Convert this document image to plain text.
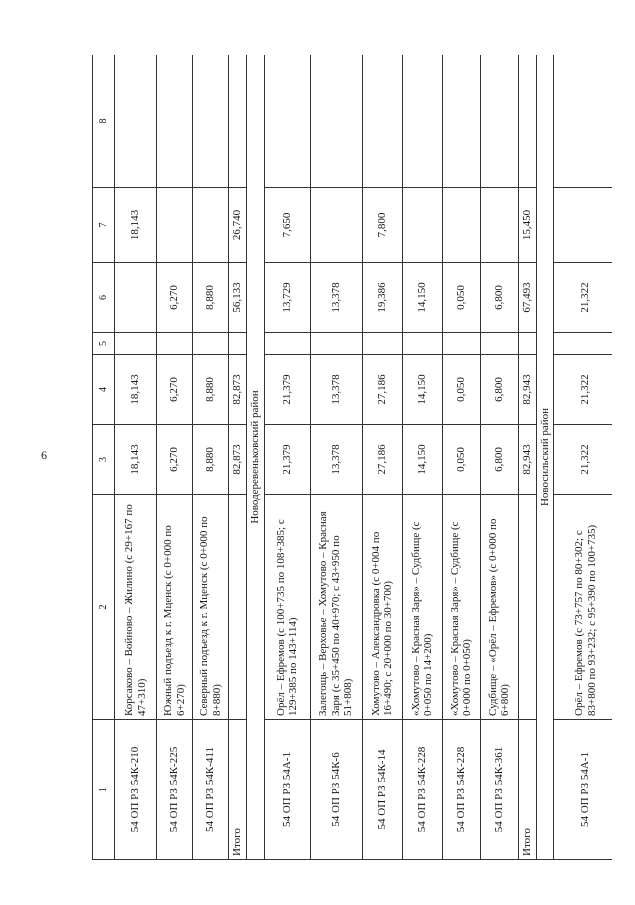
6
1	2	3	4	5	6	7	8
54 ОП РЗ 54К-210	Корсаково – Войново – Жилино (с 29+167 по 47+310)	18,143	18,143			18,143	
54 ОП РЗ 54К-225	Южный подъезд к г. Мценск (с 0+000 по 6+270)	6,270	6,270		6,270		
54 ОП РЗ 54К-411	Северный подъезд к г. Мценск (с 0+000 по 8+880)	8,880	8,880		8,880		
Итого		82,873	82,873		56,133	26,740	
Новодеревеньковский район							
54 ОП РЗ 54А-1	Орёл – Ефремов (с 100+735 по 108+385; с 129+385 по 143+114)	21,379	21,379		13,729	7,650	
54 ОП РЗ 54К-6	Залегощь – Верховье – Хомутово – Красная Заря (с 35+450 по 40+970; с 43+950 по 51+808)	13,378	13,378		13,378		
54 ОП РЗ 54К-14	Хомутово – Александровка (с 0+004 по 16+490; с 20+000 по 30+700)	27,186	27,186		19,386	7,800	
54 ОП РЗ 54К-228	«Хомутово – Красная Заря» – Судбище (с 0+050 по 14+200)	14,150	14,150		14,150		
54 ОП РЗ 54К-228	«Хомутово – Красная Заря» – Судбище (с 0+000 по 0+050)	0,050	0,050		0,050		
54 ОП РЗ 54К-361	Судбище – «Орёл – Ефремов» (с 0+000 по 6+800)	6,800	6,800		6,800		
Итого		82,943	82,943		67,493	15,450	
Новосильский район							
54 ОП РЗ 54А-1	Орёл – Ефремов (с 73+757 по 80+302; с 83+800 по 93+232; с 95+390 по 100+735)	21,322	21,322		21,322		
